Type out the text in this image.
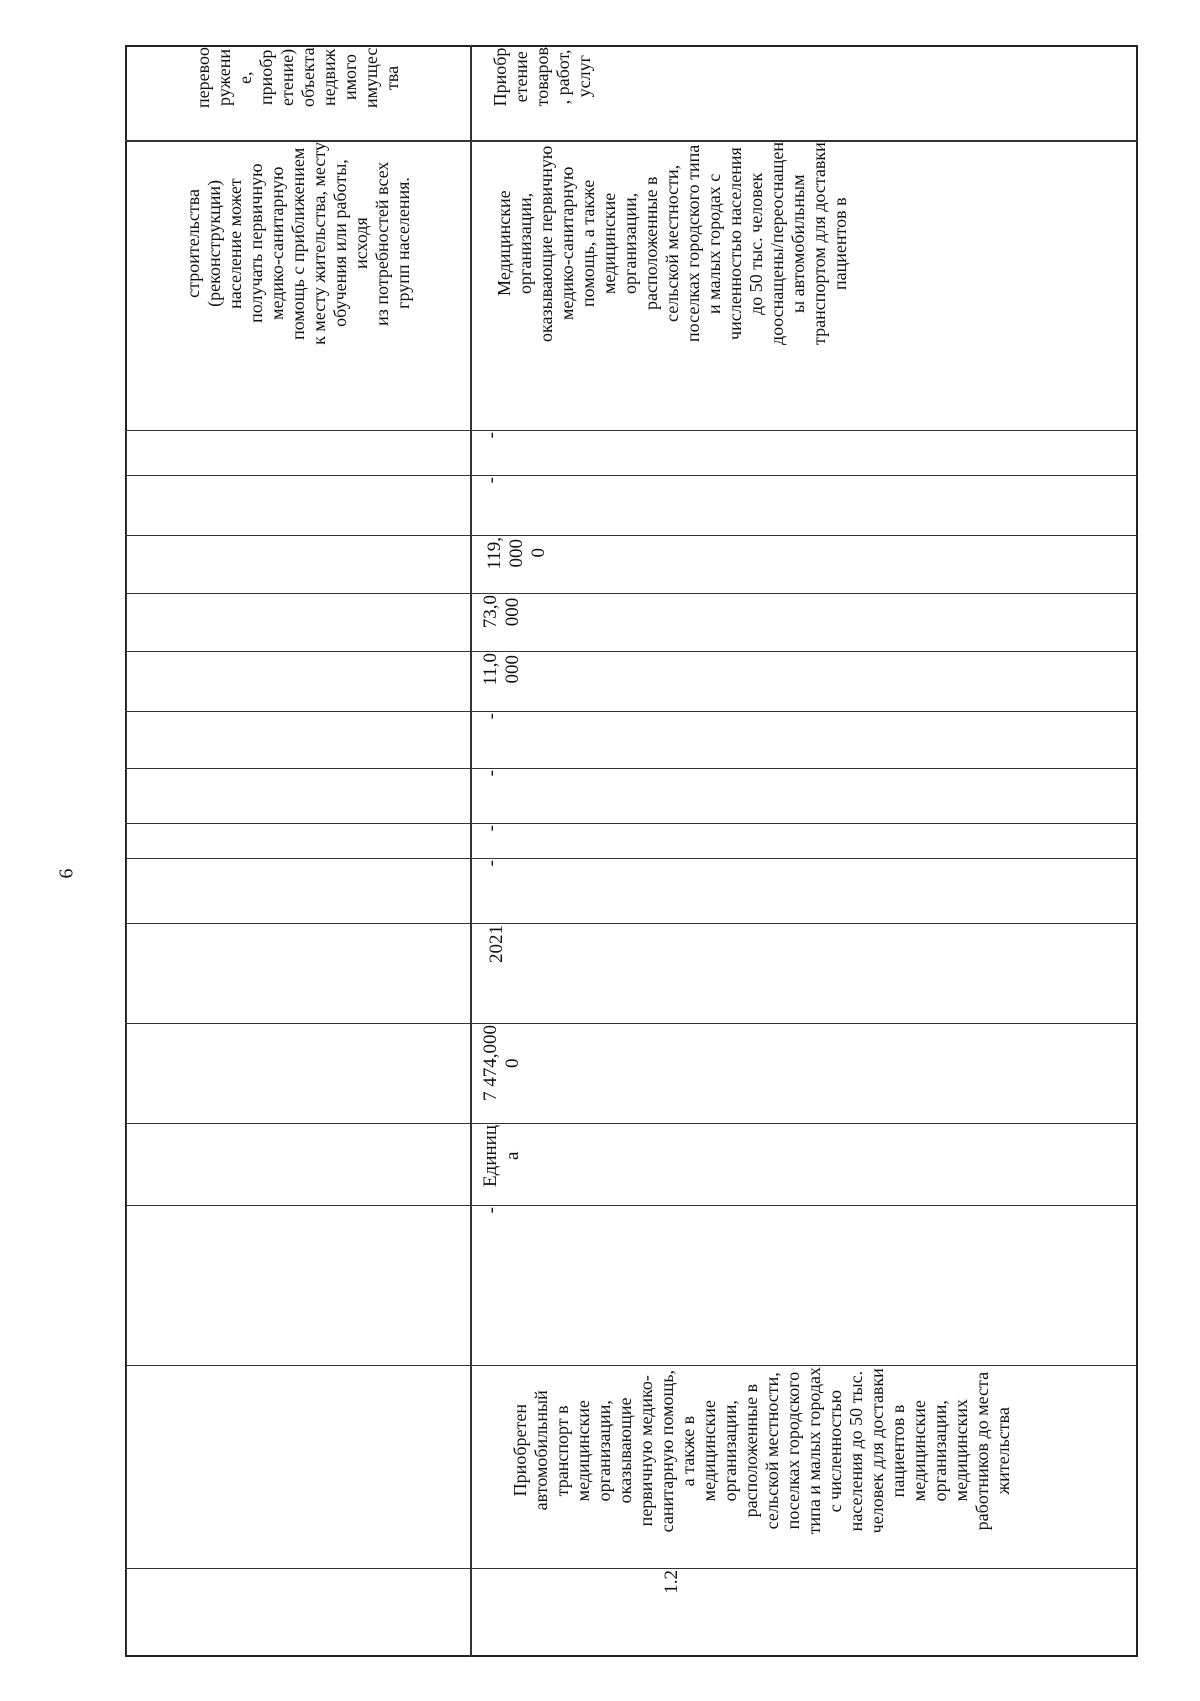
6
перевоо
ружени
е,
приобр
етение)
объекта
недвиж
имого
имущес
тва
строительства
(реконструкции)
население может
получать первичную
медико-санитарную
помощь с приближением
к месту жительства, месту
обучения или работы,
исходя
из потребностей всех
групп населения.
Приобр
етение
товаров
, работ,
услуг
Медицинские
организации,
оказывающие первичную
медико-санитарную
помощь, а также
медицинские
организации,
расположенные в
сельской местности,
поселках городского типа
и малых городах с
численностью населения
до 50 тыс. человек
дооснащены/переоснащен
ы автомобильным
транспортом для доставки
пациентов в
-
-
119,
000
0
73,0
000
11,0
000
-
-
-
-
2021
7 474,000
0
Единиц
а
-
Приобретен
автомобильный
транспорт в
медицинские
организации,
оказывающие
первичную медико-
санитарную помощь,
а также в
медицинские
организации,
расположенные в
сельской местности,
поселках городского
типа и малых городах
с численностью
населения до 50 тыс.
человек для доставки
пациентов в
медицинские
организации,
медицинских
работников до места
жительства
1.2
